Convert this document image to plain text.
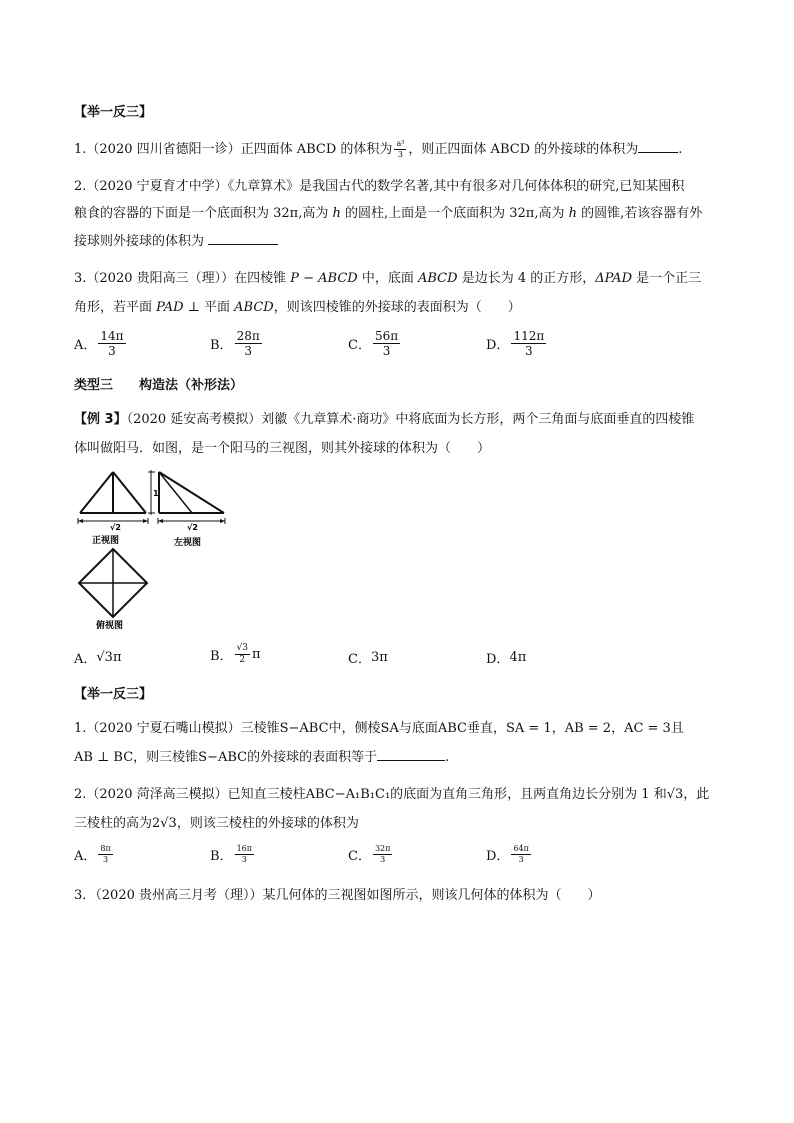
【举一反三】
1.（2020 四川省德阳一诊）正四面体 ABCD 的体积为 $\frac{\text{a³}}{3}$ ，则正四面体 ABCD 的外接球的体积为	.
2.（2020 宁夏育才中学）《九章算术》是我国古代的数学名著,其中有很多对几何体体积的研究,已知某囤积
粮食的容器的下面是一个底面积为 32π,高为 h 的圆柱,上面是一个底面积为 32π,高为 h 的圆锥,若该容器有外
接球则外接球的体积为
3.（2020 贵阳高三（理））在四棱锥 P − ABCD 中，底面 ABCD 是边长为 4 的正方形，ΔPAD 是一个正三
角形，若平面 PAD ⊥ 平面 ABCD，则该四棱锥的外接球的表面积为（　　）
A． $\frac{14\pi}{3}$	B． $\frac{28\pi}{3}$	C． $\frac{56\pi}{3}$	D． $\frac{112\pi}{3}$
类型三　　构造法（补形法）
【例 3】（2020 延安高考模拟）刘徽《九章算术·商功》中将底面为长方形，两个三角面与底面垂直的四棱锥
体叫做阳马．如图，是一个阳马的三视图，则其外接球的体积为（　　）
√2
正视图
1
√2
左视图
俯视图
A． √3π	B． $\frac{√3}{2}$ π	C． 3π	D． 4π
【举一反三】
1.（2020 宁夏石嘴山模拟）三棱锥S−ABC中，侧棱SA与底面ABC垂直，SA = 1，AB = 2，AC = 3且
AB ⊥ BC，则三棱锥S−ABC的外接球的表面积等于	.
2.（2020 菏泽高三模拟）已知直三棱柱ABC−A₁B₁C₁的底面为直角三角形，且两直角边长分别为 1 和√3，此
三棱柱的高为2√3，则该三棱柱的外接球的体积为
A． $\frac{8\pi}{3}$	B． $\frac{16\pi}{3}$	C． $\frac{32\pi}{3}$	D． $\frac{64\pi}{3}$
3．（2020 贵州高三月考（理））某几何体的三视图如图所示，则该几何体的体积为（　　）
